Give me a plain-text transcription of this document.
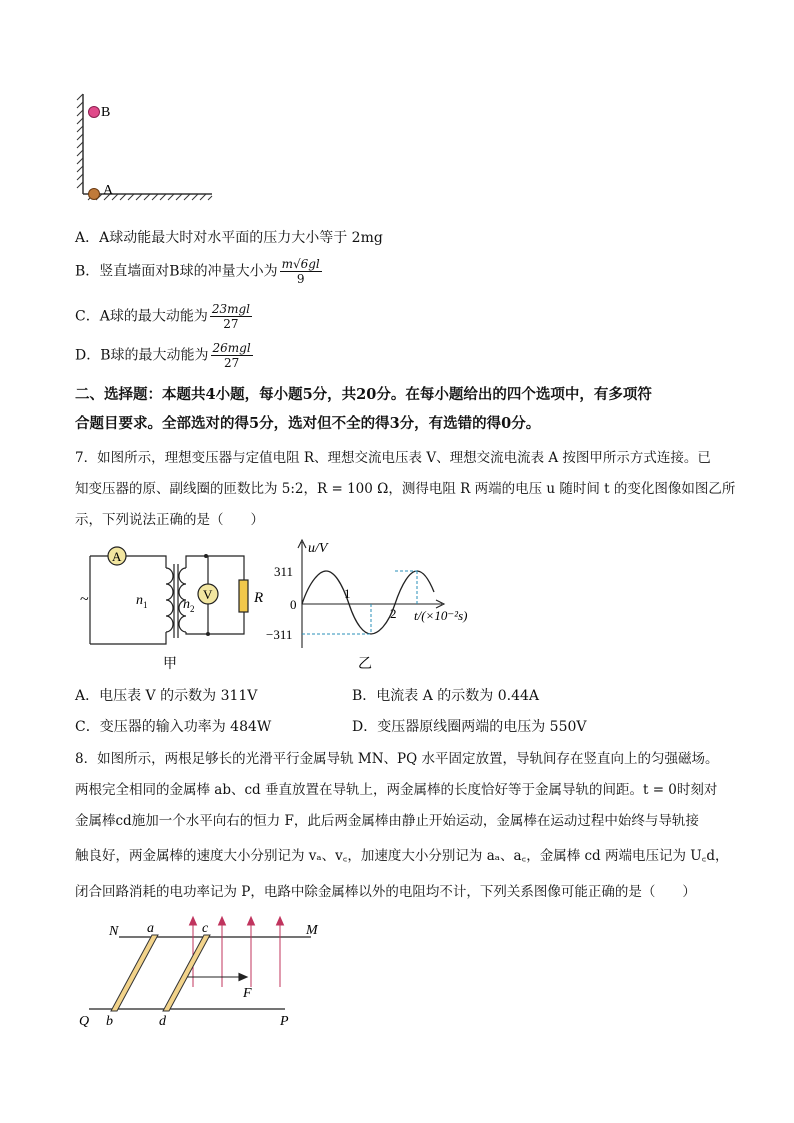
B
A
A．A球动能最大时对水平面的压力大小等于 2mg
B．竖直墙面对B球的冲量大小为 $\frac{m√6gl}{9}$
C．A球的最大动能为 $\frac{\text{23mgl}}{27}$
D．B球的最大动能为 $\frac{\text{26mgl}}{27}$
二、选择题：本题共4小题，每小题5分，共20分。在每小题给出的四个选项中，有多项符
合题目要求。全部选对的得5分，选对但不全的得3分，有选错的得0分。
7．如图所示，理想变压器与定值电阻 R、理想交流电压表 V、理想交流电流表 A 按图甲所示方式连接。已
知变压器的原、副线圈的匝数比为 5:2，R = 100 Ω，测得电阻 R 两端的电压 u 随时间 t 的变化图像如图乙所
示，下列说法正确的是（　　）
A
V
~	$n_1$	$n_2$
R
甲
u/V
311
0
−311
1
2 t/(×10⁻²s)
乙
A．电压表 V 的示数为 311V	B．电流表 A 的示数为 0.44A
C．变压器的输入功率为 484W	D．变压器原线圈两端的电压为 550V
8．如图所示，两根足够长的光滑平行金属导轨 MN、PQ 水平固定放置，导轨间存在竖直向上的匀强磁场。
两根完全相同的金属棒 ab、cd 垂直放置在导轨上，两金属棒的长度恰好等于金属导轨的间距。t = 0时刻对
金属棒cd施加一个水平向右的恒力 F，此后两金属棒由静止开始运动，金属棒在运动过程中始终与导轨接
触良好，两金属棒的速度大小分别记为 vₐ、v꜀，加速度大小分别记为 aₐ、a꜀，金属棒 cd 两端电压记为 U꜀d，
闭合回路消耗的电功率记为 P，电路中除金属棒以外的电阻均不计，下列关系图像可能正确的是（　　）
N a	c	M
F
Q b	d	P
